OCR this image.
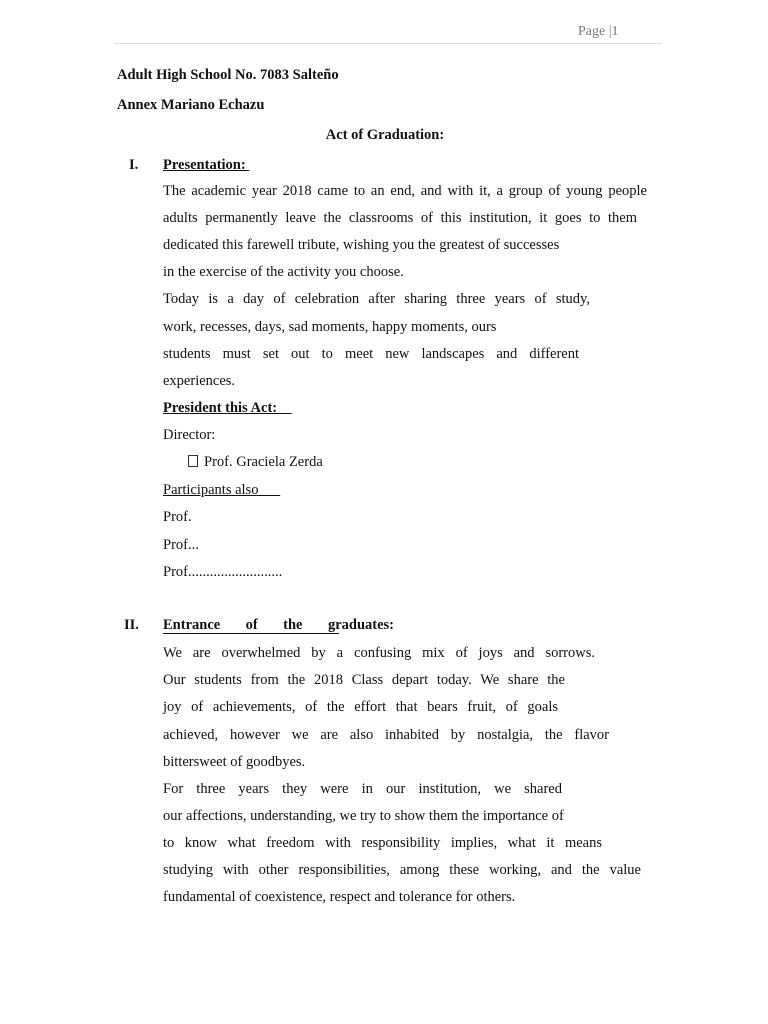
Page |1
Adult High School No. 7083 Salteño
Annex Mariano Echazu
Act of Graduation:
I. Presentation:
The academic year 2018 came to an end, and with it, a group of young people
adults permanently leave the classrooms of this institution, it goes to them
dedicated this farewell tribute, wishing you the greatest of successes
in the exercise of the activity you choose.
Today is a day of celebration after sharing three years of study,
work, recesses, days, sad moments, happy moments, ours
students must set out to meet new landscapes and different
experiences.
President this Act:
Director:
Prof. Graciela Zerda
Participants also
Prof.
Prof...
Prof..........................
II. Entrance of the graduates:
We are overwhelmed by a confusing mix of joys and sorrows.
Our students from the 2018 Class depart today. We share the
joy of achievements, of the effort that bears fruit, of goals
achieved, however we are also inhabited by nostalgia, the flavor
bittersweet of goodbyes.
For three years they were in our institution, we shared
our affections, understanding, we try to show them the importance of
to know what freedom with responsibility implies, what it means
studying with other responsibilities, among these working, and the value
fundamental of coexistence, respect and tolerance for others.
